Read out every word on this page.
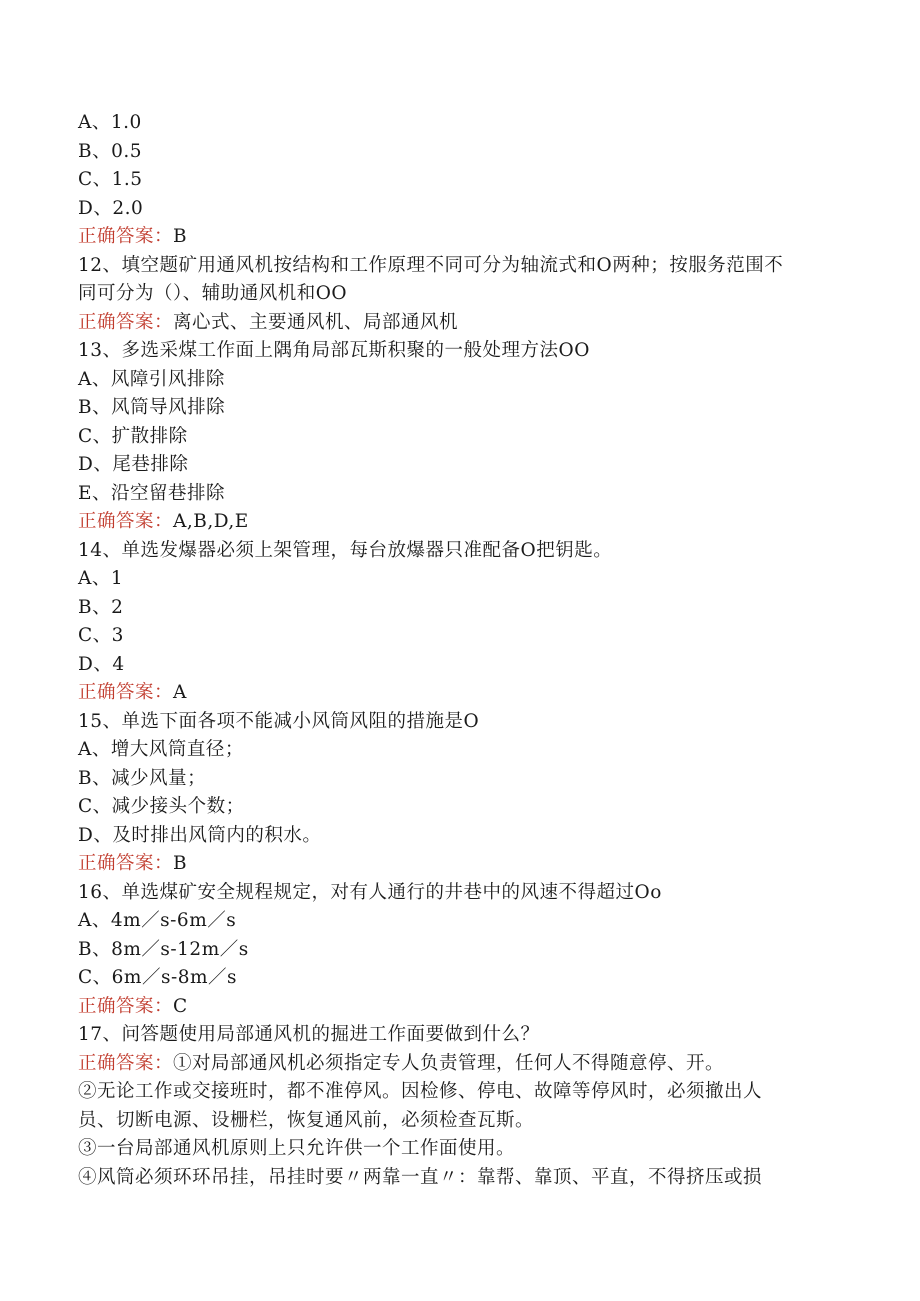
A、1.0
B、0.5
C、1.5
D、2.0
正确答案：B
12、填空题矿用通风机按结构和工作原理不同可分为轴流式和O两种；按服务范围不
同可分为（）、辅助通风机和OO
正确答案：离心式、主要通风机、局部通风机
13、多选采煤工作面上隅角局部瓦斯积聚的一般处理方法OO
A、风障引风排除
B、风筒导风排除
C、扩散排除
D、尾巷排除
E、沿空留巷排除
正确答案：A,B,D,E
14、单选发爆器必须上架管理，每台放爆器只准配备O把钥匙。
A、1
B、2
C、3
D、4
正确答案：A
15、单选下面各项不能减小风筒风阻的措施是O
A、增大风筒直径；
B、减少风量；
C、减少接头个数；
D、及时排出风筒内的积水。
正确答案：B
16、单选煤矿安全规程规定，对有人通行的井巷中的风速不得超过Oo
A、4m／s-6m／s
B、8m／s-12m／s
C、6m／s-8m／s
正确答案：C
17、问答题使用局部通风机的掘进工作面要做到什么？
正确答案：①对局部通风机必须指定专人负责管理，任何人不得随意停、开。
②无论工作或交接班时，都不准停风。因检修、停电、故障等停风时，必须撤出人
员、切断电源、设栅栏，恢复通风前，必须检查瓦斯。
③一台局部通风机原则上只允许供一个工作面使用。
④风筒必须环环吊挂，吊挂时要〃两靠一直〃：靠帮、靠顶、平直，不得挤压或损
